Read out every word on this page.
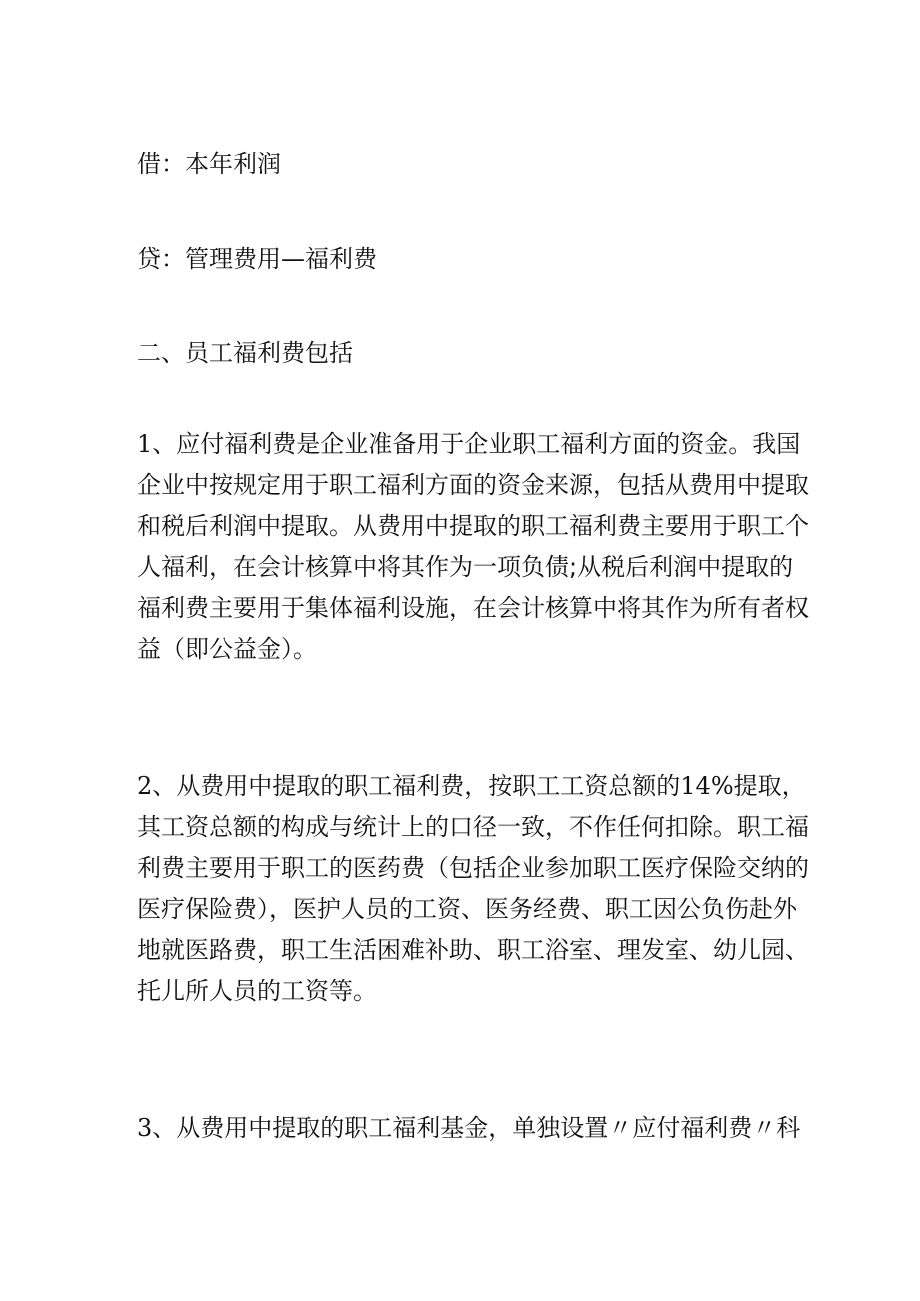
借：本年利润

贷：管理费用—福利费

二、员工福利费包括

1、应付福利费是企业准备用于企业职工福利方面的资金。我国
企业中按规定用于职工福利方面的资金来源，包括从费用中提取
和税后利润中提取。从费用中提取的职工福利费主要用于职工个
人福利，在会计核算中将其作为一项负债;从税后利润中提取的
福利费主要用于集体福利设施，在会计核算中将其作为所有者权
益（即公益金）。
2、从费用中提取的职工福利费，按职工工资总额的14%提取，
其工资总额的构成与统计上的口径一致，不作任何扣除。职工福
利费主要用于职工的医药费（包括企业参加职工医疗保险交纳的
医疗保险费），医护人员的工资、医务经费、职工因公负伤赴外
地就医路费，职工生活困难补助、职工浴室、理发室、幼儿园、
托儿所人员的工资等。
3、从费用中提取的职工福利基金，单独设置〃应付福利费〃科
